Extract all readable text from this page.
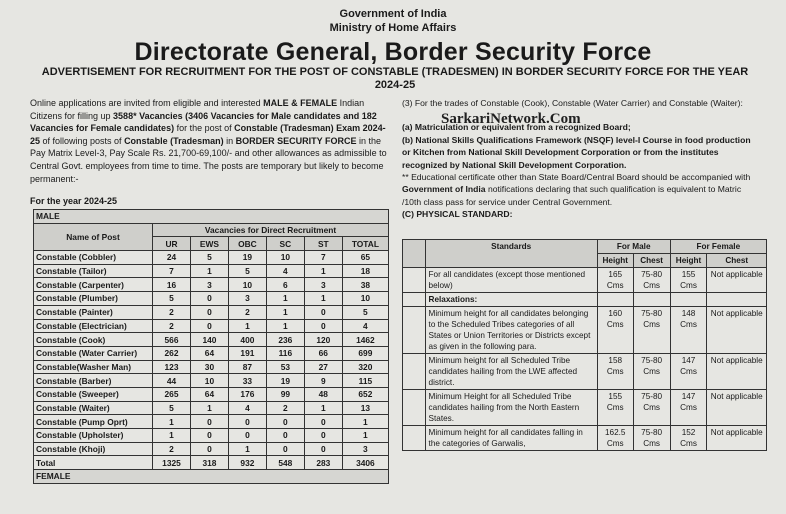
Government of India
Ministry of Home Affairs
Directorate General, Border Security Force
ADVERTISEMENT FOR RECRUITMENT FOR THE POST OF CONSTABLE (TRADESMEN) IN BORDER SECURITY FORCE FOR THE YEAR 2024-25
Online applications are invited from eligible and interested MALE & FEMALE Indian Citizens for filling up 3588* Vacancies (3406 Vacancies for Male candidates and 182 Vacancies for Female candidates) for the post of Constable (Tradesman) Exam 2024-25 of following posts of Constable (Tradesman) in BORDER SECURITY FORCE in the Pay Matrix Level-3, Pay Scale Rs. 21,700-69,100/- and other allowances as admissible to Central Govt. employees from time to time. The posts are temporary but likely to become permanent:-
For the year 2024-25
MALE						
Name of Post	Vacancies for Direct Recruitment					
	UR	EWS	OBC	SC	ST	TOTAL
Constable (Cobbler)	24	5	19	10	7	65
Constable (Tailor)	7	1	5	4	1	18
Constable (Carpenter)	16	3	10	6	3	38
Constable (Plumber)	5	0	3	1	1	10
Constable (Painter)	2	0	2	1	0	5
Constable (Electrician)	2	0	1	1	0	4
Constable (Cook)	566	140	400	236	120	1462
Constable (Water Carrier)	262	64	191	116	66	699
Constable(Washer Man)	123	30	87	53	27	320
Constable (Barber)	44	10	33	19	9	115
Constable (Sweeper)	265	64	176	99	48	652
Constable (Waiter)	5	1	4	2	1	13
Constable (Pump Oprt)	1	0	0	0	0	1
Constable (Upholster)	1	0	0	0	0	1
Constable (Khoji)	2	0	1	0	0	3
Total	1325	318	932	548	283	3406
FEMALE						
(3) For the trades of Constable (Cook), Constable (Water Carrier) and Constable (Waiter):
(a) Matriculation or equivalent from a recognized Board;
(b) National Skills Qualifications Framework (NSQF) level-I Course in food production or Kitchen from National Skill Development Corporation or from the institutes recognized by National Skill Development Corporation.
** Educational certificate other than State Board/Central Board should be accompanied with Government of India notifications declaring that such qualification is equivalent to Matric /10th class pass for service under Central Government.
(C) PHYSICAL STANDARD:
SarkariNetwork.Com
	Standards	For Male		For Female	
		Height	Chest	Height	Chest
	For all candidates (except those mentioned below)	165 Cms	75-80 Cms	155 Cms	Not applicable
	Relaxations:				
	Minimum height for all candidates belonging to the Scheduled Tribes categories of all States or Union Territories or Districts except as given in the following para.	160 Cms	75-80 Cms	148 Cms	Not applicable
	Minimum height for all Scheduled Tribe candidates hailing from the LWE affected district.	158 Cms	75-80 Cms	147 Cms	Not applicable
	Minimum Height for all Scheduled Tribe candidates hailing from the North Eastern States.	155 Cms	75-80 Cms	147 Cms	Not applicable
	Minimum height for all candidates falling in the categories of Garwalis,	162.5 Cms	75-80 Cms	152 Cms	Not applicable
